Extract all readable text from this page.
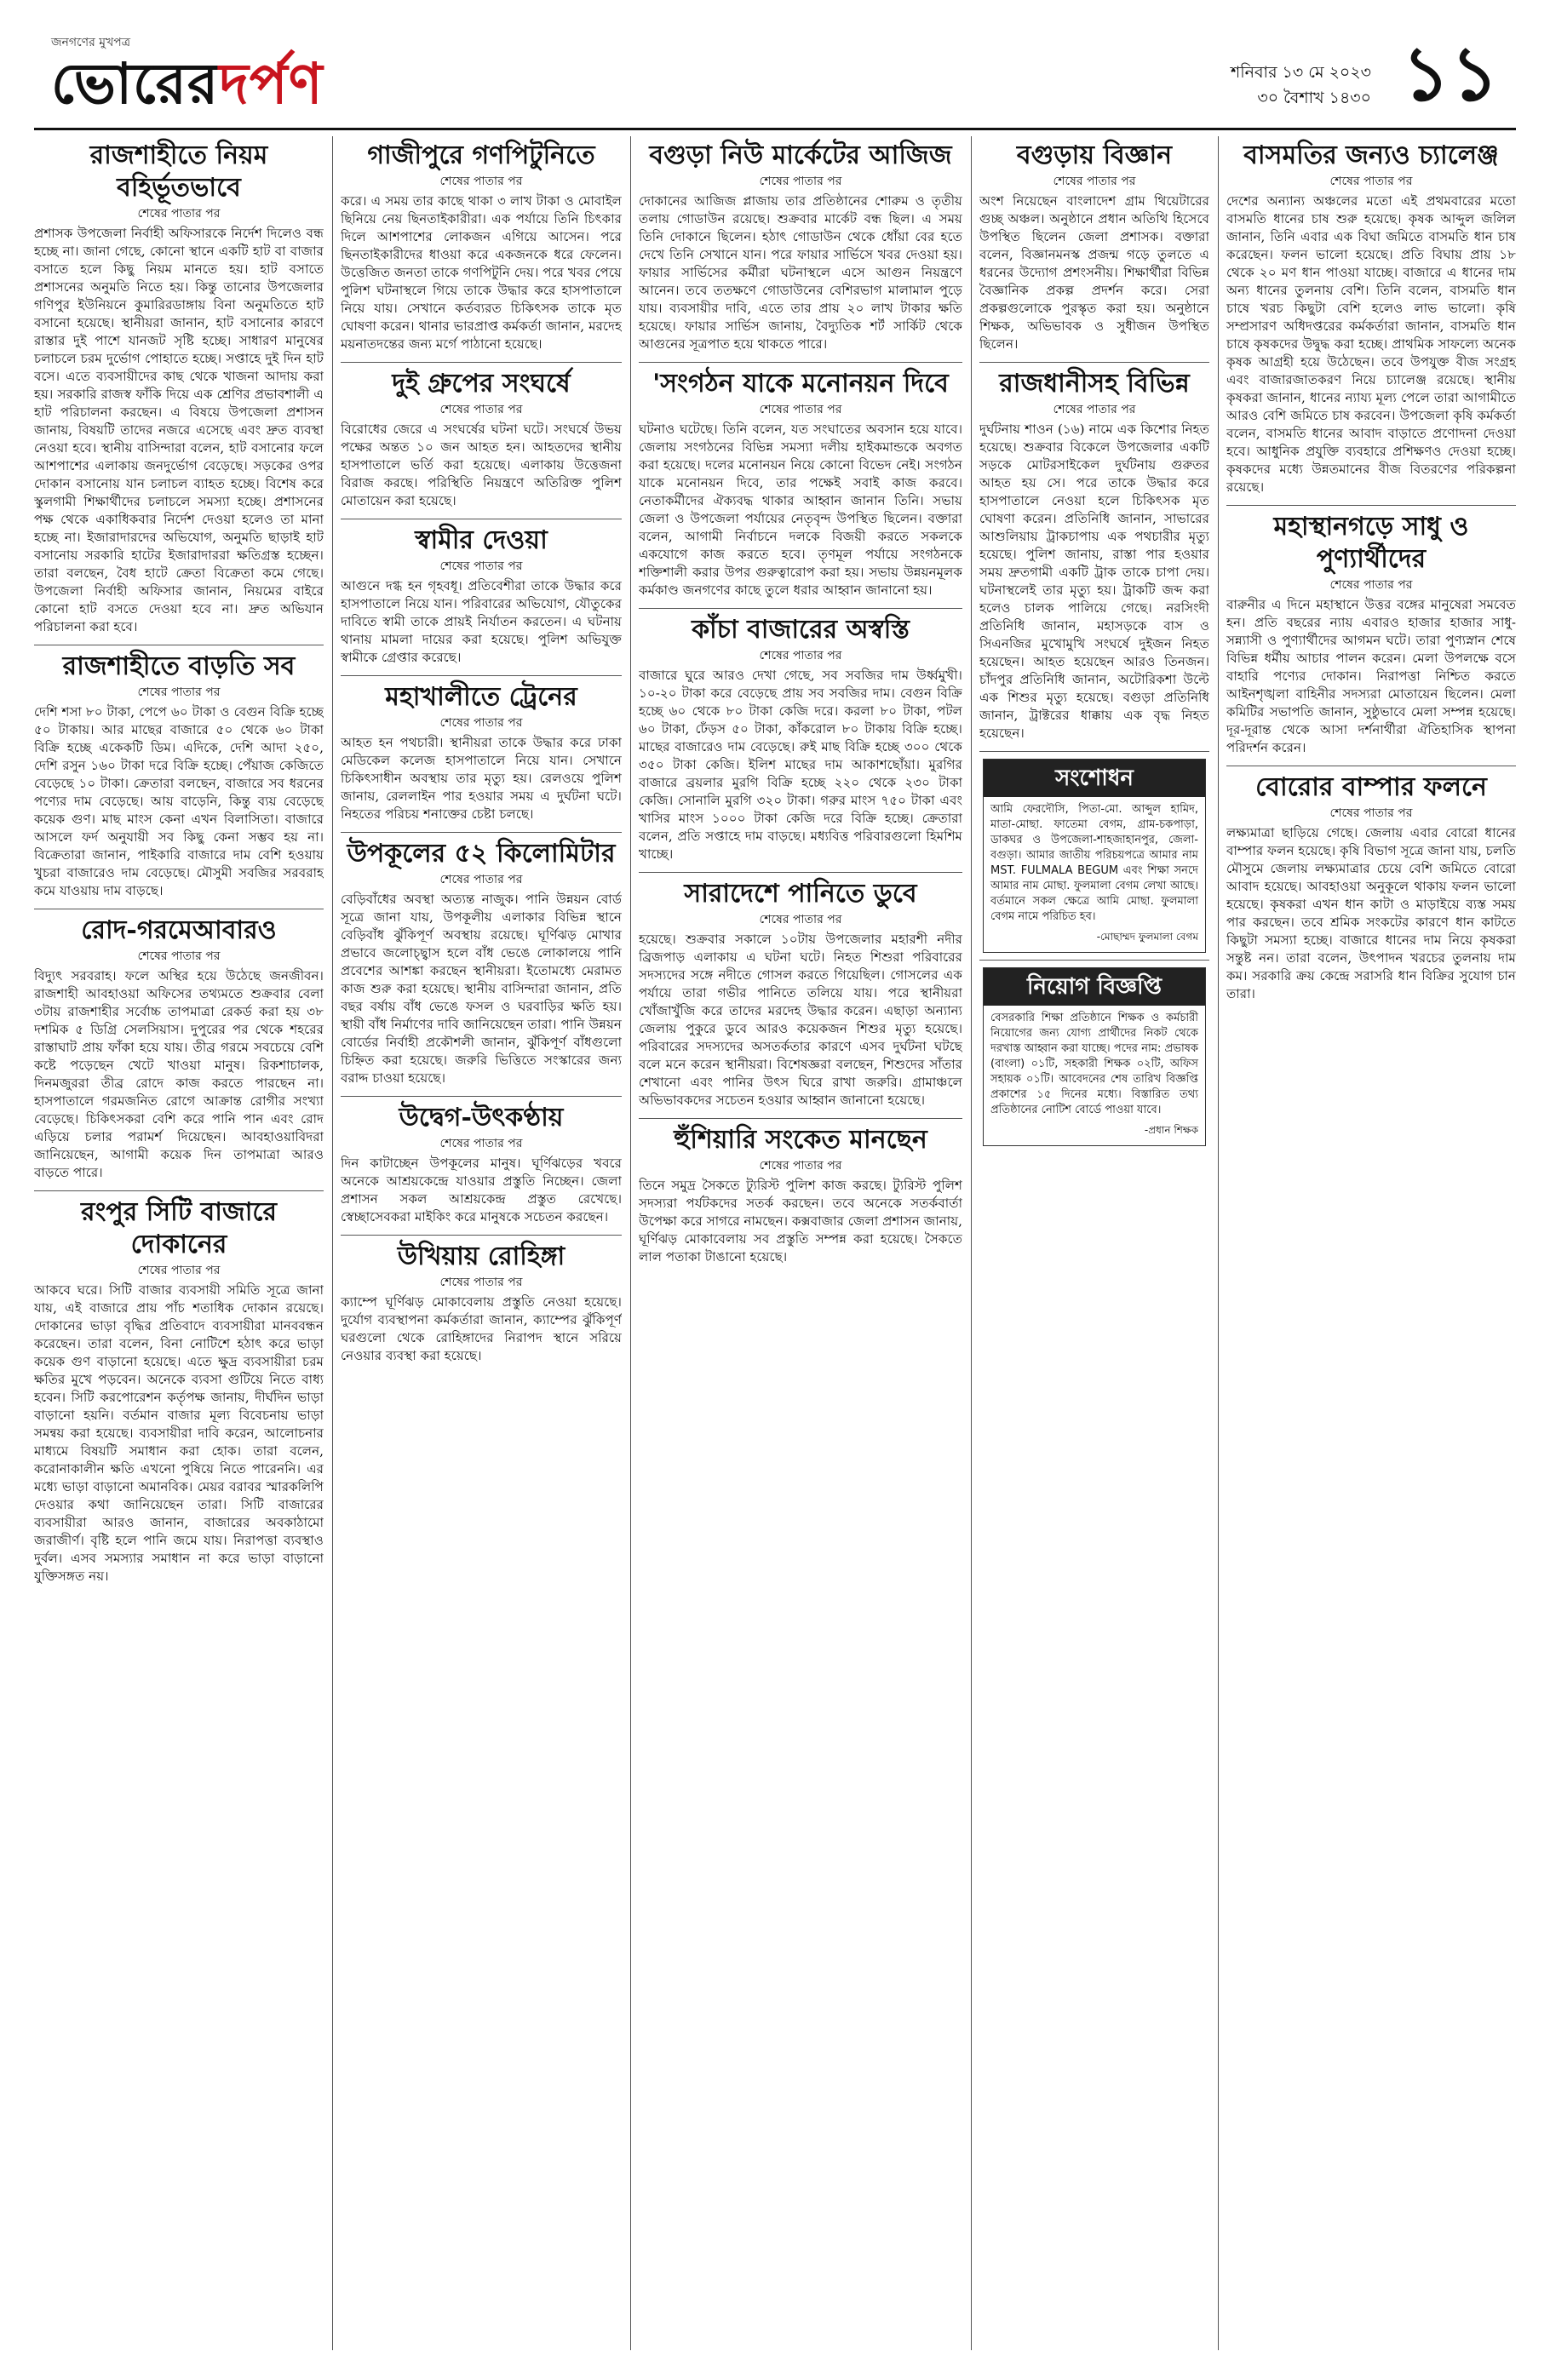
জনগণের মুখপত্র
ভোরেরদর্পণ	শনিবার ১৩ মে ২০২৩
৩০ বৈশাখ ১৪৩০ ১১
রাজশাহীতে নিয়ম বহির্ভূতভাবে
শেষের পাতার পর

প্রশাসক উপজেলা নির্বাহী অফিসারকে নির্দেশ দিলেও বন্ধ হচ্ছে না। জানা গেছে, কোনো স্থানে একটি হাট বা বাজার বসাতে হলে কিছু নিয়ম মানতে হয়। হাট বসাতে প্রশাসনের অনুমতি নিতে হয়। কিন্তু তানোর উপজেলার গণিপুর ইউনিয়নে কুমারিরডাঙ্গায় বিনা অনুমতিতে হাট বসানো হয়েছে। স্থানীয়রা জানান, হাট বসানোর কারণে রাস্তার দুই পাশে যানজট সৃষ্টি হচ্ছে। সাধারণ মানুষের চলাচলে চরম দুর্ভোগ পোহাতে হচ্ছে। সপ্তাহে দুই দিন হাট বসে। এতে ব্যবসায়ীদের কাছ থেকে খাজনা আদায় করা হয়। সরকারি রাজস্ব ফাঁকি দিয়ে এক শ্রেণির প্রভাবশালী এ হাট পরিচালনা করছেন। এ বিষয়ে উপজেলা প্রশাসন জানায়, বিষয়টি তাদের নজরে এসেছে এবং দ্রুত ব্যবস্থা নেওয়া হবে। স্থানীয় বাসিন্দারা বলেন, হাট বসানোর ফলে আশপাশের এলাকায় জনদুর্ভোগ বেড়েছে। সড়কের ওপর দোকান বসানোয় যান চলাচল ব্যাহত হচ্ছে। বিশেষ করে স্কুলগামী শিক্ষার্থীদের চলাচলে সমস্যা হচ্ছে। প্রশাসনের পক্ষ থেকে একাধিকবার নির্দেশ দেওয়া হলেও তা মানা হচ্ছে না। ইজারাদারদের অভিযোগ, অনুমতি ছাড়াই হাট বসানোয় সরকারি হাটের ইজারাদাররা ক্ষতিগ্রস্ত হচ্ছেন। তারা বলছেন, বৈধ হাটে ক্রেতা বিক্রেতা কমে গেছে। উপজেলা নির্বাহী অফিসার জানান, নিয়মের বাইরে কোনো হাট বসতে দেওয়া হবে না। দ্রুত অভিযান পরিচালনা করা হবে।

রাজশাহীতে বাড়তি সব
শেষের পাতার পর

দেশি শসা ৮০ টাকা, পেপে ৬০ টাকা ও বেগুন বিক্রি হচ্ছে ৫০ টাকায়। আর মাছের বাজারে ৫০ থেকে ৬০ টাকা বিক্রি হচ্ছে একেকটি ডিম। এদিকে, দেশি আদা ২৫০, দেশি রসুন ১৬০ টাকা দরে বিক্রি হচ্ছে। পেঁয়াজ কেজিতে বেড়েছে ১০ টাকা। ক্রেতারা বলছেন, বাজারে সব ধরনের পণ্যের দাম বেড়েছে। আয় বাড়েনি, কিন্তু ব্যয় বেড়েছে কয়েক গুণ। মাছ মাংস কেনা এখন বিলাসিতা। বাজারে আসলে ফর্দ অনুযায়ী সব কিছু কেনা সম্ভব হয় না। বিক্রেতারা জানান, পাইকারি বাজারে দাম বেশি হওয়ায় খুচরা বাজারেও দাম বেড়েছে। মৌসুমী সবজির সরবরাহ কমে যাওয়ায় দাম বাড়ছে।

রোদ-গরমেআবারও
শেষের পাতার পর

বিদ্যুৎ সরবরাহ। ফলে অস্থির হয়ে উঠেছে জনজীবন। রাজশাহী আবহাওয়া অফিসের তথ্যমতে শুক্রবার বেলা ৩টায় রাজশাহীর সর্বোচ্চ তাপমাত্রা রেকর্ড করা হয় ৩৮ দশমিক ৫ ডিগ্রি সেলসিয়াস। দুপুরের পর থেকে শহরের রাস্তাঘাট প্রায় ফাঁকা হয়ে যায়। তীব্র গরমে সবচেয়ে বেশি কষ্টে পড়েছেন খেটে খাওয়া মানুষ। রিকশাচালক, দিনমজুররা তীব্র রোদে কাজ করতে পারছেন না। হাসপাতালে গরমজনিত রোগে আক্রান্ত রোগীর সংখ্যা বেড়েছে। চিকিৎসকরা বেশি করে পানি পান এবং রোদ এড়িয়ে চলার পরামর্শ দিয়েছেন। আবহাওয়াবিদরা জানিয়েছেন, আগামী কয়েক দিন তাপমাত্রা আরও বাড়তে পারে।

রংপুর সিটি বাজারে দোকানের
শেষের পাতার পর

আকবে ঘরে। সিটি বাজার ব্যবসায়ী সমিতি সূত্রে জানা যায়, এই বাজারে প্রায় পাঁচ শতাধিক দোকান রয়েছে। দোকানের ভাড়া বৃদ্ধির প্রতিবাদে ব্যবসায়ীরা মানববন্ধন করেছেন। তারা বলেন, বিনা নোটিশে হঠাৎ করে ভাড়া কয়েক গুণ বাড়ানো হয়েছে। এতে ক্ষুদ্র ব্যবসায়ীরা চরম ক্ষতির মুখে পড়বেন। অনেকে ব্যবসা গুটিয়ে নিতে বাধ্য হবেন। সিটি করপোরেশন কর্তৃপক্ষ জানায়, দীর্ঘদিন ভাড়া বাড়ানো হয়নি। বর্তমান বাজার মূল্য বিবেচনায় ভাড়া সমন্বয় করা হয়েছে। ব্যবসায়ীরা দাবি করেন, আলোচনার মাধ্যমে বিষয়টি সমাধান করা হোক। তারা বলেন, করোনাকালীন ক্ষতি এখনো পুষিয়ে নিতে পারেননি। এর মধ্যে ভাড়া বাড়ানো অমানবিক। মেয়র বরাবর স্মারকলিপি দেওয়ার কথা জানিয়েছেন তারা। সিটি বাজারের ব্যবসায়ীরা আরও জানান, বাজারের অবকাঠামো জরাজীর্ণ। বৃষ্টি হলে পানি জমে যায়। নিরাপত্তা ব্যবস্থাও দুর্বল। এসব সমস্যার সমাধান না করে ভাড়া বাড়ানো যুক্তিসঙ্গত নয়।

গাজীপুরে গণপিটুনিতে
শেষের পাতার পর

করে। এ সময় তার কাছে থাকা ৩ লাখ টাকা ও মোবাইল ছিনিয়ে নেয় ছিনতাইকারীরা। এক পর্যায়ে তিনি চিৎকার দিলে আশপাশের লোকজন এগিয়ে আসেন। পরে ছিনতাইকারীদের ধাওয়া করে একজনকে ধরে ফেলেন। উত্তেজিত জনতা তাকে গণপিটুনি দেয়। পরে খবর পেয়ে পুলিশ ঘটনাস্থলে গিয়ে তাকে উদ্ধার করে হাসপাতালে নিয়ে যায়। সেখানে কর্তব্যরত চিকিৎসক তাকে মৃত ঘোষণা করেন। থানার ভারপ্রাপ্ত কর্মকর্তা জানান, মরদেহ ময়নাতদন্তের জন্য মর্গে পাঠানো হয়েছে।

দুই গ্রুপের সংঘর্ষে
শেষের পাতার পর

বিরোধের জেরে এ সংঘর্ষের ঘটনা ঘটে। সংঘর্ষে উভয় পক্ষের অন্তত ১০ জন আহত হন। আহতদের স্থানীয় হাসপাতালে ভর্তি করা হয়েছে। এলাকায় উত্তেজনা বিরাজ করছে। পরিস্থিতি নিয়ন্ত্রণে অতিরিক্ত পুলিশ মোতায়েন করা হয়েছে।

স্বামীর দেওয়া
শেষের পাতার পর

আগুনে দগ্ধ হন গৃহবধূ। প্রতিবেশীরা তাকে উদ্ধার করে হাসপাতালে নিয়ে যান। পরিবারের অভিযোগ, যৌতুকের দাবিতে স্বামী তাকে প্রায়ই নির্যাতন করতেন। এ ঘটনায় থানায় মামলা দায়ের করা হয়েছে। পুলিশ অভিযুক্ত স্বামীকে গ্রেপ্তার করেছে।

মহাখালীতে ট্রেনের
শেষের পাতার পর

আহত হন পথচারী। স্থানীয়রা তাকে উদ্ধার করে ঢাকা মেডিকেল কলেজ হাসপাতালে নিয়ে যান। সেখানে চিকিৎসাধীন অবস্থায় তার মৃত্যু হয়। রেলওয়ে পুলিশ জানায়, রেললাইন পার হওয়ার সময় এ দুর্ঘটনা ঘটে। নিহতের পরিচয় শনাক্তের চেষ্টা চলছে।

উপকূলের ৫২ কিলোমিটার
শেষের পাতার পর

বেড়িবাঁধের অবস্থা অত্যন্ত নাজুক। পানি উন্নয়ন বোর্ড সূত্রে জানা যায়, উপকূলীয় এলাকার বিভিন্ন স্থানে বেড়িবাঁধ ঝুঁকিপূর্ণ অবস্থায় রয়েছে। ঘূর্ণিঝড় মোখার প্রভাবে জলোচ্ছ্বাস হলে বাঁধ ভেঙে লোকালয়ে পানি প্রবেশের আশঙ্কা করছেন স্থানীয়রা। ইতোমধ্যে মেরামত কাজ শুরু করা হয়েছে। স্থানীয় বাসিন্দারা জানান, প্রতি বছর বর্ষায় বাঁধ ভেঙে ফসল ও ঘরবাড়ির ক্ষতি হয়। স্থায়ী বাঁধ নির্মাণের দাবি জানিয়েছেন তারা। পানি উন্নয়ন বোর্ডের নির্বাহী প্রকৌশলী জানান, ঝুঁকিপূর্ণ বাঁধগুলো চিহ্নিত করা হয়েছে। জরুরি ভিত্তিতে সংস্কারের জন্য বরাদ্দ চাওয়া হয়েছে।

উদ্বেগ-উৎকণ্ঠায়
শেষের পাতার পর

দিন কাটাচ্ছেন উপকূলের মানুষ। ঘূর্ণিঝড়ের খবরে অনেকে আশ্রয়কেন্দ্রে যাওয়ার প্রস্তুতি নিচ্ছেন। জেলা প্রশাসন সকল আশ্রয়কেন্দ্র প্রস্তুত রেখেছে। স্বেচ্ছাসেবকরা মাইকিং করে মানুষকে সচেতন করছেন।

উখিয়ায় রোহিঙ্গা
শেষের পাতার পর

ক্যাম্পে ঘূর্ণিঝড় মোকাবেলায় প্রস্তুতি নেওয়া হয়েছে। দুর্যোগ ব্যবস্থাপনা কর্মকর্তারা জানান, ক্যাম্পের ঝুঁকিপূর্ণ ঘরগুলো থেকে রোহিঙ্গাদের নিরাপদ স্থানে সরিয়ে নেওয়ার ব্যবস্থা করা হয়েছে।

বগুড়া নিউ মার্কেটের আজিজ
শেষের পাতার পর

দোকানের আজিজ প্লাজায় তার প্রতিষ্ঠানের শোরুম ও তৃতীয় তলায় গোডাউন রয়েছে। শুক্রবার মার্কেট বন্ধ ছিল। এ সময় তিনি দোকানে ছিলেন। হঠাৎ গোডাউন থেকে ধোঁয়া বের হতে দেখে তিনি সেখানে যান। পরে ফায়ার সার্ভিসে খবর দেওয়া হয়। ফায়ার সার্ভিসের কর্মীরা ঘটনাস্থলে এসে আগুন নিয়ন্ত্রণে আনেন। তবে ততক্ষণে গোডাউনের বেশিরভাগ মালামাল পুড়ে যায়। ব্যবসায়ীর দাবি, এতে তার প্রায় ২০ লাখ টাকার ক্ষতি হয়েছে। ফায়ার সার্ভিস জানায়, বৈদ্যুতিক শর্ট সার্কিট থেকে আগুনের সূত্রপাত হয়ে থাকতে পারে।

'সংগঠন যাকে মনোনয়ন দিবে
শেষের পাতার পর

ঘটনাও ঘটেছে। তিনি বলেন, যত সংঘাতের অবসান হয়ে যাবে। জেলায় সংগঠনের বিভিন্ন সমস্যা দলীয় হাইকমান্ডকে অবগত করা হয়েছে। দলের মনোনয়ন নিয়ে কোনো বিভেদ নেই। সংগঠন যাকে মনোনয়ন দিবে, তার পক্ষেই সবাই কাজ করবে। নেতাকর্মীদের ঐক্যবদ্ধ থাকার আহ্বান জানান তিনি। সভায় জেলা ও উপজেলা পর্যায়ের নেতৃবৃন্দ উপস্থিত ছিলেন। বক্তারা বলেন, আগামী নির্বাচনে দলকে বিজয়ী করতে সকলকে একযোগে কাজ করতে হবে। তৃণমূল পর্যায়ে সংগঠনকে শক্তিশালী করার উপর গুরুত্বারোপ করা হয়। সভায় উন্নয়নমূলক কর্মকাণ্ড জনগণের কাছে তুলে ধরার আহ্বান জানানো হয়।

কাঁচা বাজারের অস্বস্তি
শেষের পাতার পর

বাজারে ঘুরে আরও দেখা গেছে, সব সবজির দাম উর্ধ্বমুখী। ১০-২০ টাকা করে বেড়েছে প্রায় সব সবজির দাম। বেগুন বিক্রি হচ্ছে ৬০ থেকে ৮০ টাকা কেজি দরে। করলা ৮০ টাকা, পটল ৬০ টাকা, ঢেঁড়স ৫০ টাকা, কাঁকরোল ৮০ টাকায় বিক্রি হচ্ছে। মাছের বাজারেও দাম বেড়েছে। রুই মাছ বিক্রি হচ্ছে ৩০০ থেকে ৩৫০ টাকা কেজি। ইলিশ মাছের দাম আকাশছোঁয়া। মুরগির বাজারে ব্রয়লার মুরগি বিক্রি হচ্ছে ২২০ থেকে ২৩০ টাকা কেজি। সোনালি মুরগি ৩২০ টাকা। গরুর মাংস ৭৫০ টাকা এবং খাসির মাংস ১০০০ টাকা কেজি দরে বিক্রি হচ্ছে। ক্রেতারা বলেন, প্রতি সপ্তাহে দাম বাড়ছে। মধ্যবিত্ত পরিবারগুলো হিমশিম খাচ্ছে।

সারাদেশে পানিতে ডুবে
শেষের পাতার পর

হয়েছে। শুক্রবার সকালে ১০টায় উপজেলার মহারশী নদীর ব্রিজপাড় এলাকায় এ ঘটনা ঘটে। নিহত শিশুরা পরিবারের সদস্যদের সঙ্গে নদীতে গোসল করতে গিয়েছিল। গোসলের এক পর্যায়ে তারা গভীর পানিতে তলিয়ে যায়। পরে স্থানীয়রা খোঁজাখুঁজি করে তাদের মরদেহ উদ্ধার করেন। এছাড়া অন্যান্য জেলায় পুকুরে ডুবে আরও কয়েকজন শিশুর মৃত্যু হয়েছে। পরিবারের সদস্যদের অসতর্কতার কারণে এসব দুর্ঘটনা ঘটছে বলে মনে করেন স্থানীয়রা। বিশেষজ্ঞরা বলছেন, শিশুদের সাঁতার শেখানো এবং পানির উৎস ঘিরে রাখা জরুরি। গ্রামাঞ্চলে অভিভাবকদের সচেতন হওয়ার আহ্বান জানানো হয়েছে।

হুঁশিয়ারি সংকেত মানছেন
শেষের পাতার পর

তিনে সমুদ্র সৈকতে ট্যুরিস্ট পুলিশ কাজ করছে। ট্যুরিস্ট পুলিশ সদস্যরা পর্যটকদের সতর্ক করছেন। তবে অনেকে সতর্কবার্তা উপেক্ষা করে সাগরে নামছেন। কক্সবাজার জেলা প্রশাসন জানায়, ঘূর্ণিঝড় মোকাবেলায় সব প্রস্তুতি সম্পন্ন করা হয়েছে। সৈকতে লাল পতাকা টাঙানো হয়েছে।

বগুড়ায় বিজ্ঞান
শেষের পাতার পর

অংশ নিয়েছেন বাংলাদেশ গ্রাম থিয়েটারের গুচ্ছ অঞ্চল। অনুষ্ঠানে প্রধান অতিথি হিসেবে উপস্থিত ছিলেন জেলা প্রশাসক। বক্তারা বলেন, বিজ্ঞানমনস্ক প্রজন্ম গড়ে তুলতে এ ধরনের উদ্যোগ প্রশংসনীয়। শিক্ষার্থীরা বিভিন্ন বৈজ্ঞানিক প্রকল্প প্রদর্শন করে। সেরা প্রকল্পগুলোকে পুরস্কৃত করা হয়। অনুষ্ঠানে শিক্ষক, অভিভাবক ও সুধীজন উপস্থিত ছিলেন।

রাজধানীসহ বিভিন্ন
শেষের পাতার পর

দুর্ঘটনায় শাওন (১৬) নামে এক কিশোর নিহত হয়েছে। শুক্রবার বিকেলে উপজেলার একটি সড়কে মোটরসাইকেল দুর্ঘটনায় গুরুতর আহত হয় সে। পরে তাকে উদ্ধার করে হাসপাতালে নেওয়া হলে চিকিৎসক মৃত ঘোষণা করেন। প্রতিনিধি জানান, সাভারের আশুলিয়ায় ট্রাকচাপায় এক পথচারীর মৃত্যু হয়েছে। পুলিশ জানায়, রাস্তা পার হওয়ার সময় দ্রুতগামী একটি ট্রাক তাকে চাপা দেয়। ঘটনাস্থলেই তার মৃত্যু হয়। ট্রাকটি জব্দ করা হলেও চালক পালিয়ে গেছে। নরসিংদী প্রতিনিধি জানান, মহাসড়কে বাস ও সিএনজির মুখোমুখি সংঘর্ষে দুইজন নিহত হয়েছেন। আহত হয়েছেন আরও তিনজন। চাঁদপুর প্রতিনিধি জানান, অটোরিকশা উল্টে এক শিশুর মৃত্যু হয়েছে। বগুড়া প্রতিনিধি জানান, ট্রাক্টরের ধাক্কায় এক বৃদ্ধ নিহত হয়েছেন।

সংশোধন
আমি ফেরদৌসি, পিতা-মো. আব্দুল হামিদ, মাতা-মোছা. ফাতেমা বেগম, গ্রাম-চকপাড়া, ডাকঘর ও উপজেলা-শাহজাহানপুর, জেলা-বগুড়া। আমার জাতীয় পরিচয়পত্রে আমার নাম MST. FULMALA BEGUM এবং শিক্ষা সনদে আমার নাম মোছা. ফুলমালা বেগম লেখা আছে। বর্তমানে সকল ক্ষেত্রে আমি মোছা. ফুলমালা বেগম নামে পরিচিত হব।
-মোছাম্মদ ফুলমালা বেগম
নিয়োগ বিজ্ঞপ্তি
বেসরকারি শিক্ষা প্রতিষ্ঠানে শিক্ষক ও কর্মচারী নিয়োগের জন্য যোগ্য প্রার্থীদের নিকট থেকে দরখাস্ত আহ্বান করা যাচ্ছে। পদের নাম: প্রভাষক (বাংলা) ০১টি, সহকারী শিক্ষক ০২টি, অফিস সহায়ক ০১টি। আবেদনের শেষ তারিখ বিজ্ঞপ্তি প্রকাশের ১৫ দিনের মধ্যে। বিস্তারিত তথ্য প্রতিষ্ঠানের নোটিশ বোর্ডে পাওয়া যাবে।
-প্রধান শিক্ষক
বাসমতির জন্যও চ্যালেঞ্জ
শেষের পাতার পর

দেশের অন্যান্য অঞ্চলের মতো এই প্রথমবারের মতো বাসমতি ধানের চাষ শুরু হয়েছে। কৃষক আব্দুল জলিল জানান, তিনি এবার এক বিঘা জমিতে বাসমতি ধান চাষ করেছেন। ফলন ভালো হয়েছে। প্রতি বিঘায় প্রায় ১৮ থেকে ২০ মণ ধান পাওয়া যাচ্ছে। বাজারে এ ধানের দাম অন্য ধানের তুলনায় বেশি। তিনি বলেন, বাসমতি ধান চাষে খরচ কিছুটা বেশি হলেও লাভ ভালো। কৃষি সম্প্রসারণ অধিদপ্তরের কর্মকর্তারা জানান, বাসমতি ধান চাষে কৃষকদের উদ্বুদ্ধ করা হচ্ছে। প্রাথমিক সাফল্যে অনেক কৃষক আগ্রহী হয়ে উঠেছেন। তবে উপযুক্ত বীজ সংগ্রহ এবং বাজারজাতকরণ নিয়ে চ্যালেঞ্জ রয়েছে। স্থানীয় কৃষকরা জানান, ধানের ন্যায্য মূল্য পেলে তারা আগামীতে আরও বেশি জমিতে চাষ করবেন। উপজেলা কৃষি কর্মকর্তা বলেন, বাসমতি ধানের আবাদ বাড়াতে প্রণোদনা দেওয়া হবে। আধুনিক প্রযুক্তি ব্যবহারে প্রশিক্ষণও দেওয়া হচ্ছে। কৃষকদের মধ্যে উন্নতমানের বীজ বিতরণের পরিকল্পনা রয়েছে।

মহাস্থানগড়ে সাধু ও পুণ্যার্থীদের
শেষের পাতার পর

বারুনীর এ দিনে মহাস্থানে উত্তর বঙ্গের মানুষেরা সমবেত হন। প্রতি বছরের ন্যায় এবারও হাজার হাজার সাধু-সন্ন্যাসী ও পুণ্যার্থীদের আগমন ঘটে। তারা পুণ্যস্নান শেষে বিভিন্ন ধর্মীয় আচার পালন করেন। মেলা উপলক্ষে বসে বাহারি পণ্যের দোকান। নিরাপত্তা নিশ্চিত করতে আইনশৃঙ্খলা বাহিনীর সদস্যরা মোতায়েন ছিলেন। মেলা কমিটির সভাপতি জানান, সুষ্ঠুভাবে মেলা সম্পন্ন হয়েছে। দূর-দূরান্ত থেকে আসা দর্শনার্থীরা ঐতিহাসিক স্থাপনা পরিদর্শন করেন।

বোরোর বাম্পার ফলনে
শেষের পাতার পর

লক্ষ্যমাত্রা ছাড়িয়ে গেছে। জেলায় এবার বোরো ধানের বাম্পার ফলন হয়েছে। কৃষি বিভাগ সূত্রে জানা যায়, চলতি মৌসুমে জেলায় লক্ষ্যমাত্রার চেয়ে বেশি জমিতে বোরো আবাদ হয়েছে। আবহাওয়া অনুকূলে থাকায় ফলন ভালো হয়েছে। কৃষকরা এখন ধান কাটা ও মাড়াইয়ে ব্যস্ত সময় পার করছেন। তবে শ্রমিক সংকটের কারণে ধান কাটতে কিছুটা সমস্যা হচ্ছে। বাজারে ধানের দাম নিয়ে কৃষকরা সন্তুষ্ট নন। তারা বলেন, উৎপাদন খরচের তুলনায় দাম কম। সরকারি ক্রয় কেন্দ্রে সরাসরি ধান বিক্রির সুযোগ চান তারা।
